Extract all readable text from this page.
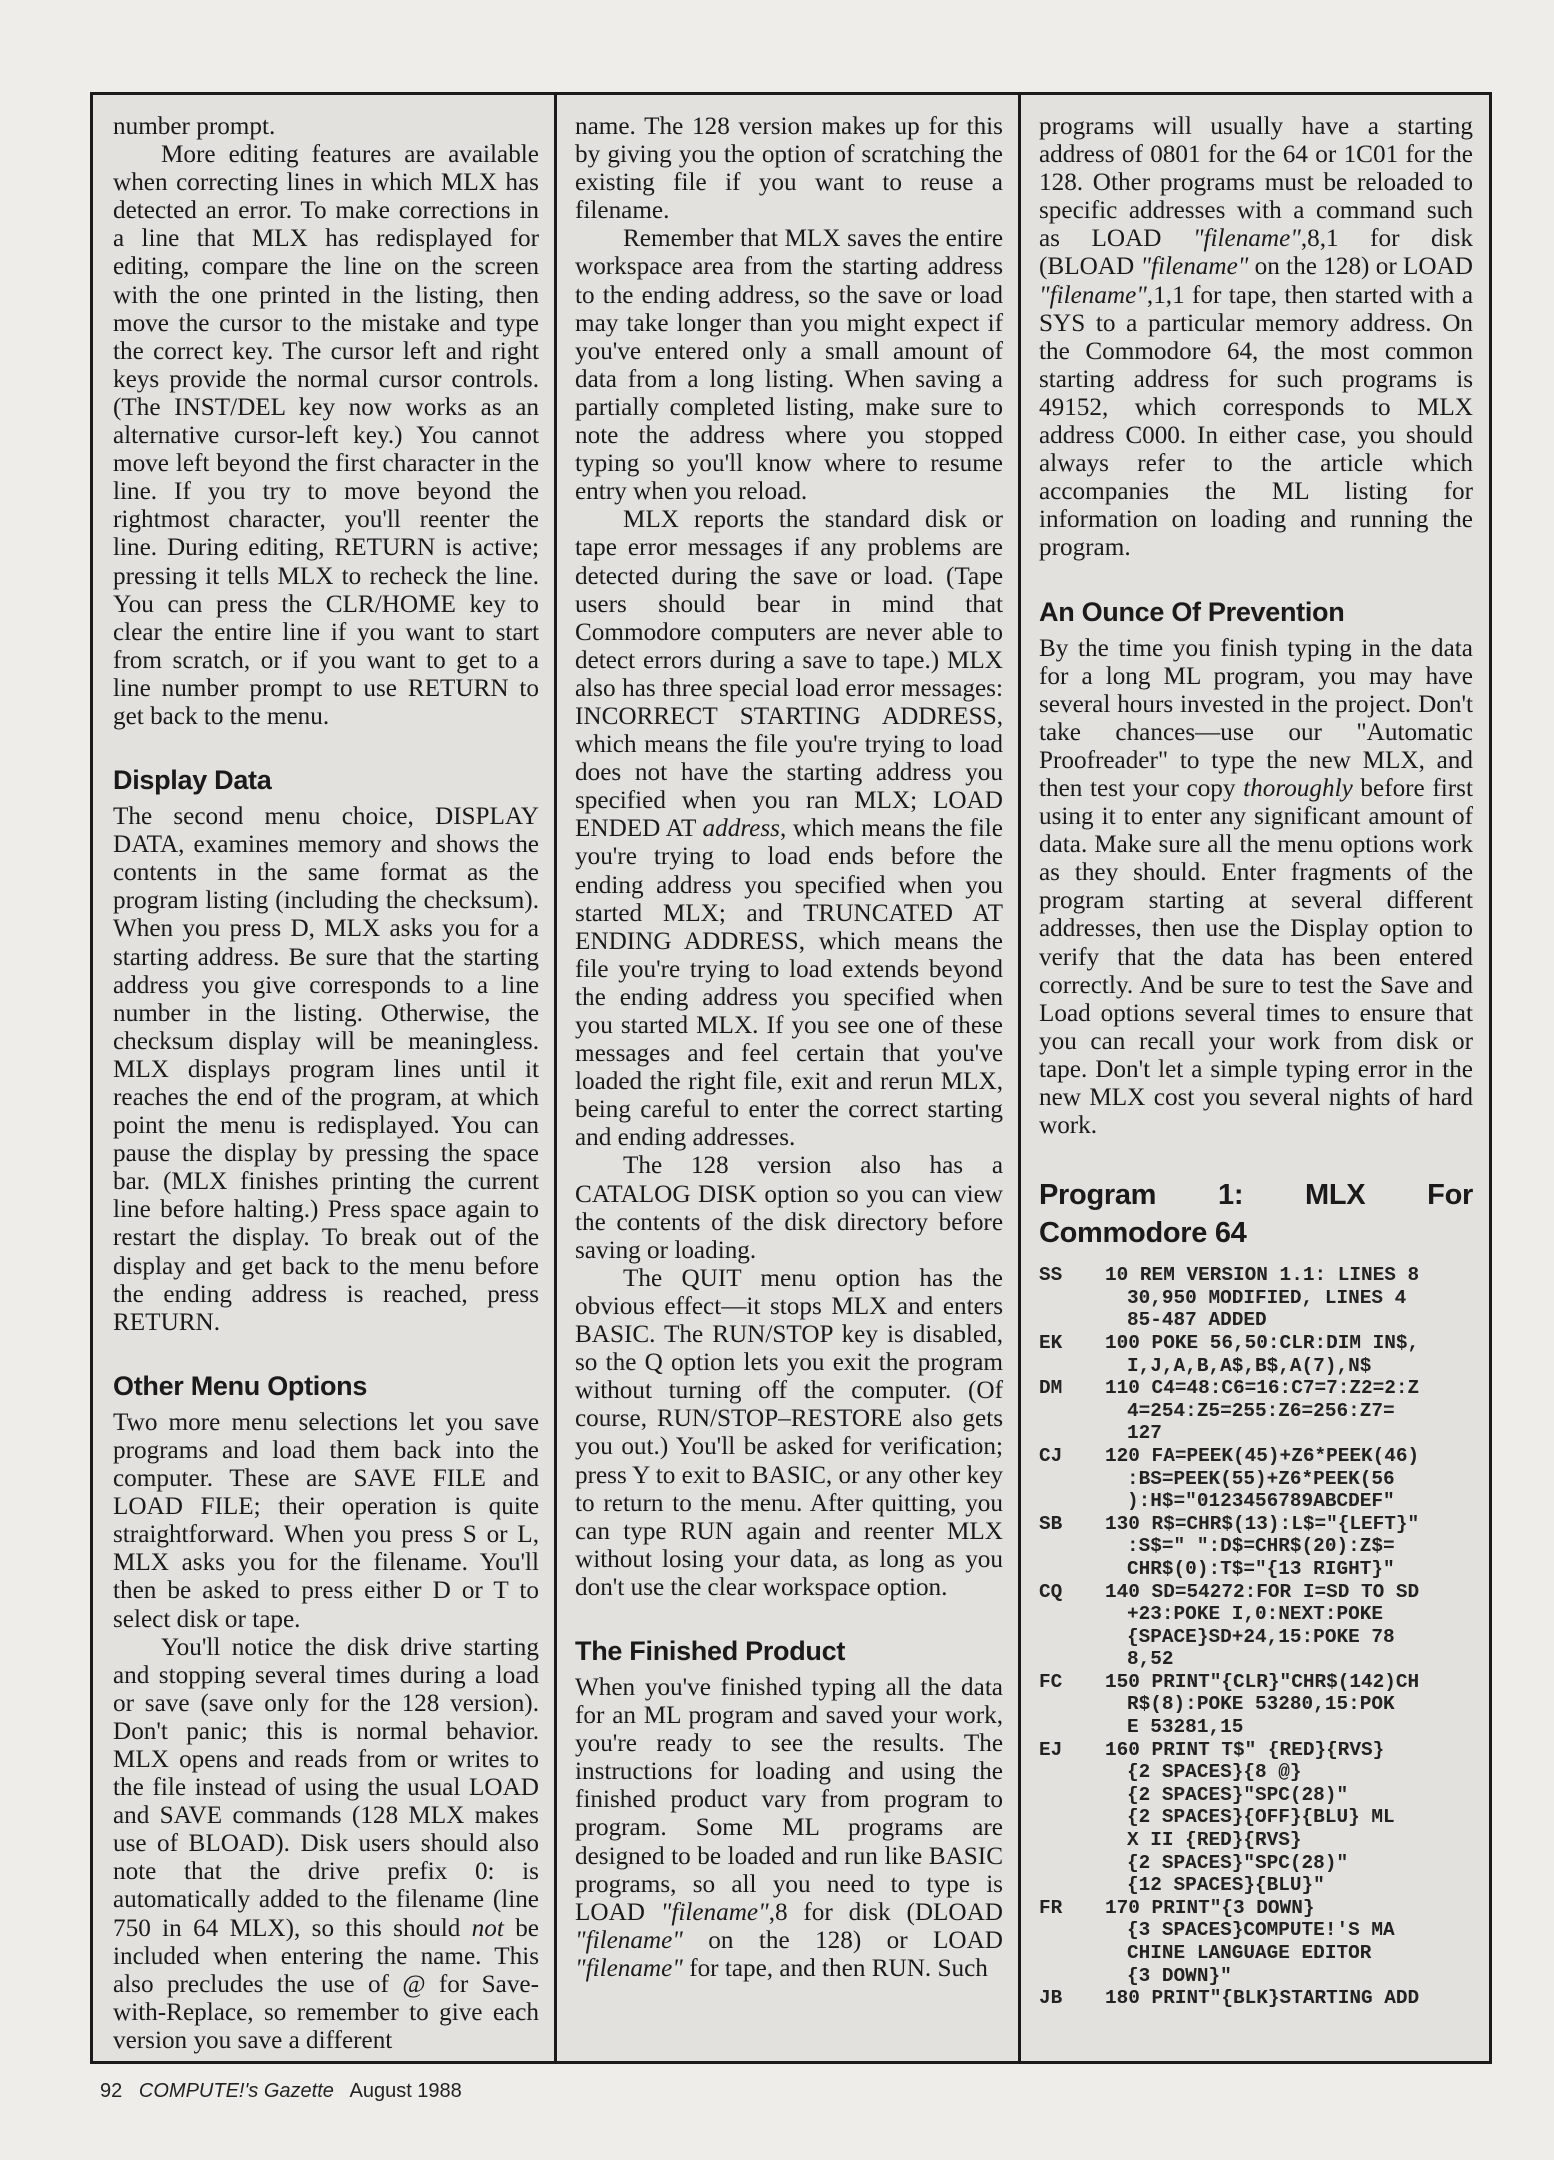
number prompt.

More editing features are available when correcting lines in which MLX has detected an error. To make corrections in a line that MLX has redisplayed for editing, compare the line on the screen with the one printed in the listing, then move the cursor to the mistake and type the correct key. The cursor left and right keys provide the normal cursor controls. (The INST/DEL key now works as an alternative cursor-left key.) You cannot move left beyond the first character in the line. If you try to move beyond the rightmost character, you'll reenter the line. During editing, RETURN is active; pressing it tells MLX to recheck the line. You can press the CLR/HOME key to clear the entire line if you want to start from scratch, or if you want to get to a line number prompt to use RETURN to get back to the menu.

Display Data

The second menu choice, DISPLAY DATA, examines memory and shows the contents in the same format as the program listing (including the checksum). When you press D, MLX asks you for a starting address. Be sure that the starting address you give corresponds to a line number in the listing. Otherwise, the checksum display will be meaningless. MLX displays program lines until it reaches the end of the program, at which point the menu is redisplayed. You can pause the display by pressing the space bar. (MLX finishes printing the current line before halting.) Press space again to restart the display. To break out of the display and get back to the menu before the ending address is reached, press RETURN.

Other Menu Options

Two more menu selections let you save programs and load them back into the computer. These are SAVE FILE and LOAD FILE; their operation is quite straightforward. When you press S or L, MLX asks you for the filename. You'll then be asked to press either D or T to select disk or tape.

You'll notice the disk drive starting and stopping several times during a load or save (save only for the 128 version). Don't panic; this is normal behavior. MLX opens and reads from or writes to the file instead of using the usual LOAD and SAVE commands (128 MLX makes use of BLOAD). Disk users should also note that the drive prefix 0: is automatically added to the filename (line 750 in 64 MLX), so this should not be included when entering the name. This also precludes the use of @ for Save-with-Replace, so remember to give each version you save a different

name. The 128 version makes up for this by giving you the option of scratching the existing file if you want to reuse a filename.

Remember that MLX saves the entire workspace area from the starting address to the ending address, so the save or load may take longer than you might expect if you've entered only a small amount of data from a long listing. When saving a partially completed listing, make sure to note the address where you stopped typing so you'll know where to resume entry when you reload.

MLX reports the standard disk or tape error messages if any problems are detected during the save or load. (Tape users should bear in mind that Commodore computers are never able to detect errors during a save to tape.) MLX also has three special load error messages: INCORRECT STARTING ADDRESS, which means the file you're trying to load does not have the starting address you specified when you ran MLX; LOAD ENDED AT address, which means the file you're trying to load ends before the ending address you specified when you started MLX; and TRUNCATED AT ENDING ADDRESS, which means the file you're trying to load extends beyond the ending address you specified when you started MLX. If you see one of these messages and feel certain that you've loaded the right file, exit and rerun MLX, being careful to enter the correct starting and ending addresses.

The 128 version also has a CATALOG DISK option so you can view the contents of the disk directory before saving or loading.

The QUIT menu option has the obvious effect—it stops MLX and enters BASIC. The RUN/STOP key is disabled, so the Q option lets you exit the program without turning off the computer. (Of course, RUN/STOP–RESTORE also gets you out.) You'll be asked for verification; press Y to exit to BASIC, or any other key to return to the menu. After quitting, you can type RUN again and reenter MLX without losing your data, as long as you don't use the clear workspace option.

The Finished Product

When you've finished typing all the data for an ML program and saved your work, you're ready to see the results. The instructions for loading and using the finished product vary from program to program. Some ML programs are designed to be loaded and run like BASIC programs, so all you need to type is LOAD "filename",8 for disk (DLOAD "filename" on the 128) or LOAD "filename" for tape, and then RUN. Such

programs will usually have a starting address of 0801 for the 64 or 1C01 for the 128. Other programs must be reloaded to specific addresses with a command such as LOAD "filename",8,1 for disk (BLOAD "filename" on the 128) or LOAD "filename",1,1 for tape, then started with a SYS to a particular memory address. On the Commodore 64, the most common starting address for such programs is 49152, which corresponds to MLX address C000. In either case, you should always refer to the article which accompanies the ML listing for information on loading and running the program.

An Ounce Of Prevention

By the time you finish typing in the data for a long ML program, you may have several hours invested in the project. Don't take chances—use our "Automatic Proofreader" to type the new MLX, and then test your copy thoroughly before first using it to enter any significant amount of data. Make sure all the menu options work as they should. Enter fragments of the program starting at several different addresses, then use the Display option to verify that the data has been entered correctly. And be sure to test the Save and Load options several times to ensure that you can recall your work from disk or tape. Don't let a simple typing error in the new MLX cost you several nights of hard work.

Program 1: MLX For Commodore 64
SS	10 REM VERSION 1.1: LINES 8
30,950 MODIFIED, LINES 4
85-487 ADDED
EK	100 POKE 56,50:CLR:DIM IN$,
I,J,A,B,A$,B$,A(7),N$
DM	110 C4=48:C6=16:C7=7:Z2=2:Z
4=254:Z5=255:Z6=256:Z7=
127
CJ	120 FA=PEEK(45)+Z6*PEEK(46)
:BS=PEEK(55)+Z6*PEEK(56
):H$="0123456789ABCDEF"
SB	130 R$=CHR$(13):L$="{LEFT}"
:S$=" ":D$=CHR$(20):Z$=
CHR$(0):T$="{13 RIGHT}"
CQ	140 SD=54272:FOR I=SD TO SD
+23:POKE I,0:NEXT:POKE
{SPACE}SD+24,15:POKE 78
8,52
FC	150 PRINT"{CLR}"CHR$(142)CH
R$(8):POKE 53280,15:POK
E 53281,15
EJ	160 PRINT T$" {RED}{RVS}
{2 SPACES}{8 @}
{2 SPACES}"SPC(28)"
{2 SPACES}{OFF}{BLU} ML
X II {RED}{RVS}
{2 SPACES}"SPC(28)"
{12 SPACES}{BLU}"
FR	170 PRINT"{3 DOWN}
{3 SPACES}COMPUTE!'S MA
CHINE LANGUAGE EDITOR
{3 DOWN}"
JB	180 PRINT"{BLK}STARTING ADD
92 COMPUTE!'s Gazette August 1988
